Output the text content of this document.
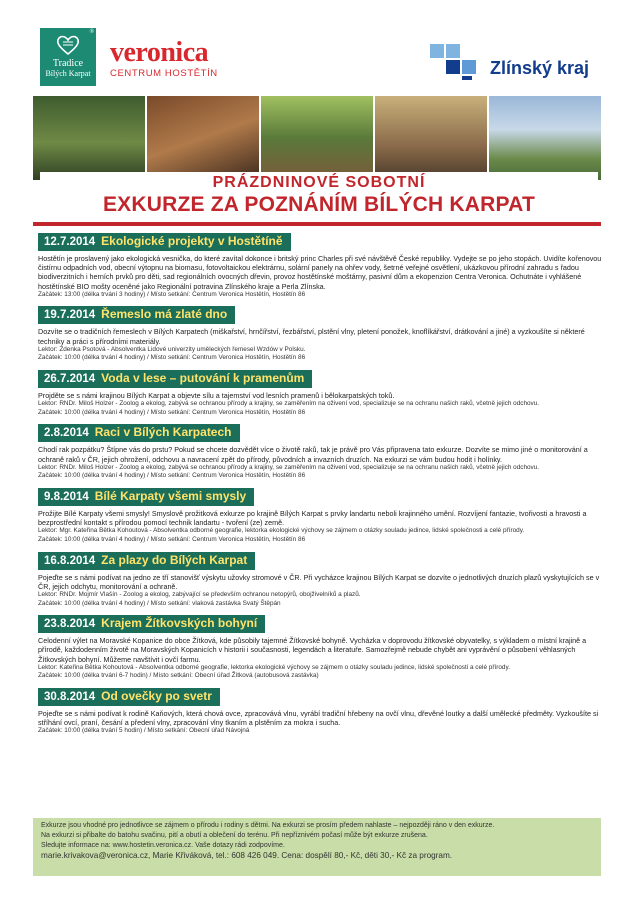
®
Tradice
Bílých Karpat
veronica
CENTRUM HOSTĚTÍN	Zlínský kraj
PRÁZDNINOVÉ SOBOTNÍ
EXKURZE ZA POZNÁNÍM BÍLÝCH KARPAT
12.7.2014 Ekologické projekty v Hostětíně
Hostětín je proslavený jako ekologická vesnička, do které zavítal dokonce i britský princ Charles při své návštěvě České republiky. Vydejte se po jeho stopách. Uvidíte kořenovou čistírnu odpadních vod, obecní výtopnu na biomasu, fotovoltaickou elektrárnu, solární panely na ohřev vody, šetrné veřejné osvětlení, ukázkovou přírodní zahradu s řadou biodiverzitních i herních prvků pro děti, sad regionálních ovocných dřevin, provoz hostětínské moštárny, pasivní dům a ekopenzion Centra Veronica. Ochutnáte i vyhlášené hostětínské BIO mošty oceněné jako Regionální potravina Zlínského kraje a Perla Zlínska.
Začátek: 13:00 (délka trvání 3 hodiny) / Místo setkání: Centrum Veronica Hostětín, Hostětín 86
19.7.2014 Řemeslo má zlaté dno
Dozvíte se o tradičních řemeslech v Bílých Karpatech (miškařství, hrnčířství, řezbářství, plstění vlny, pletení ponožek, knoflíkářství, drátkování a jiné) a vyzkoušíte si některé techniky a práci s přírodními materiály.
Lektor: Zdenka Psotová - Absolventka Lidové univerzity uměleckých řemesel Wzdów v Polsku.
Začátek: 10:00 (délka trvání 4 hodiny) / Místo setkání: Centrum Veronica Hostětín, Hostětín 86
26.7.2014 Voda v lese – putování k pramenům
Projděte se s námi krajinou Bílých Karpat a objevte sílu a tajemství vod lesních pramenů i bělokarpatských toků.
Lektor: RNDr. Miloš Holzer - Zoolog a ekolog, zabývá se ochranou přírody a krajiny, se zaměřením na oživení vod, specializuje se na ochranu našich raků, včetně jejich odchovu.
Začátek: 10:00 (délka trvání 4 hodiny) / Místo setkání: Centrum Veronica Hostětín, Hostětín 86
2.8.2014 Raci v Bílých Karpatech
Chodí rak pozpátku? Štípne vás do prstu? Pokud se chcete dozvědět více o životě raků, tak je právě pro Vás připravena tato exkurze. Dozvíte se mimo jiné o monitorování a ochraně raků v ČR, jejich ohrožení, odchovu a navracení zpět do přírody, původních a invazních druzích. Na exkurzi se vám budou hodit i holínky.
Lektor: RNDr. Miloš Holzer - Zoolog a ekolog, zabývá se ochranou přírody a krajiny, se zaměřením na oživení vod, specializuje se na ochranu našich raků, včetně jejich odchovu.
Začátek: 10:00 (délka trvání 4 hodiny) / Místo setkání: Centrum Veronica Hostětín, Hostětín 86
9.8.2014 Bílé Karpaty všemi smysly
Prožijte Bílé Karpaty všemi smysly! Smyslově prožitková exkurze po krajině Bílých Karpat s prvky landartu neboli krajinného umění. Rozvíjení fantazie, tvořivosti a hravosti a bezprostřední kontakt s přírodou pomocí technik landartu - tvoření (ze) země.
Lektor: Mgr. Kateřina Bětka Kohoutová - Absolventka odborné geografie, lektorka ekologické výchovy se zájmem o otázky souladu jedince, lidské společnosti a celé přírody.
Začátek: 10:00 (délka trvání 4 hodiny) / Místo setkání: Centrum Veronica Hostětín, Hostětín 86
16.8.2014 Za plazy do Bílých Karpat
Pojeďte se s námi podívat na jedno ze tří stanovišť výskytu užovky stromové v ČR. Při vycházce krajinou Bílých Karpat se dozvíte o jednotlivých druzích plazů vyskytujících se v ČR, jejich odchytu, monitorování a ochraně.
Lektor: RNDr. Mojmír Vlašín - Zoolog a ekolog, zabývající se především ochranou netopýrů, obojživelníků a plazů.
Začátek: 10:00 (délka trvání 4 hodiny) / Místo setkání: vlaková zastávka Svatý Štěpán
23.8.2014 Krajem Žítkovských bohyní
Celodenní výlet na Moravské Kopanice do obce Žítková, kde působily tajemné Žítkovské bohyně. Vycházka v doprovodu žítkovské obyvatelky, s výkladem o místní krajině a přírodě, každodenním životě na Moravských Kopanicích v historii i současnosti, legendách a literatuře. Samozřejmě nebude chybět ani vyprávění o působení věhlasných Žítkovských bohyní. Můžeme navštívit i ovčí farmu.
Lektor: Kateřina Bětka Kohoutová - Absolventka odborné geografie, lektorka ekologické výchovy se zájmem o otázky souladu jedince, lidské společnosti a celé přírody.
Začátek: 10:00 (délka trvání 6-7 hodin) / Místo setkání: Obecní úřad Žítková (autobusová zastávka)
30.8.2014 Od ovečky po svetr
Pojeďte se s námi podívat k rodině Kaňových, která chová ovce, zpracovává vlnu, vyrábí tradiční hřebeny na ovčí vlnu, dřevěné loutky a další umělecké předměty. Vyzkoušíte si stříhání ovcí, praní, česání a předení vlny, zpracování vlny tkaním a plstěním za mokra i sucha.
Začátek: 10:00 (délka trvání 5 hodin) / Místo setkání: Obecní úřad Návojná
Exkurze jsou vhodné pro jednotlivce se zájmem o přírodu i rodiny s dětmi. Na exkurzi se prosím předem nahlaste – nejpozději ráno v den exkurze.
Na exkurzi si přibalte do batohu svačinu, pití a obutí a oblečení do terénu. Při nepříznivém počasí může být exkurze zrušena.
Sledujte informace na: www.hostetin.veronica.cz. Vaše dotazy rádi zodpovíme.
marie.krivakova@veronica.cz, Marie Křiváková, tel.: 608 426 049. Cena: dospělí 80,- Kč, děti 30,- Kč za program.
